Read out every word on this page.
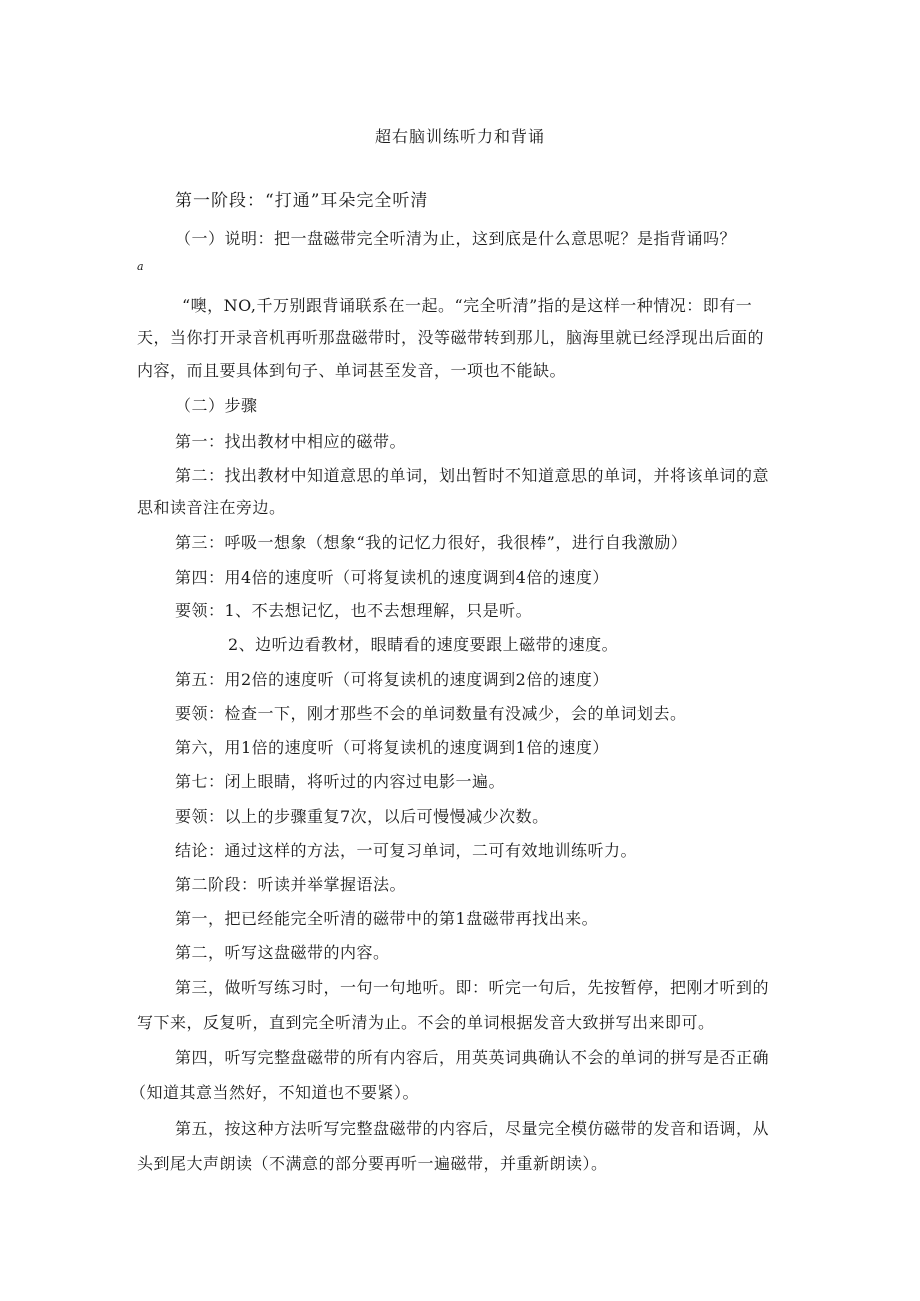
超右脑训练听力和背诵
第一阶段：“打通”耳朵完全听清
（一）说明：把一盘磁带完全听清为止，这到底是什么意思呢？是指背诵吗？
a
“噢，NO,千万别跟背诵联系在一起。“完全听清”指的是这样一种情况：即有一
天，当你打开录音机再听那盘磁带时，没等磁带转到那儿，脑海里就已经浮现出后面的
内容，而且要具体到句子、单词甚至发音，一项也不能缺。
（二）步骤
第一：找出教材中相应的磁带。
第二：找出教材中知道意思的单词，划出暂时不知道意思的单词，并将该单词的意
思和读音注在旁边。
第三：呼吸一想象（想象“我的记忆力很好，我很棒”，进行自我激励）
第四：用4倍的速度听（可将复读机的速度调到4倍的速度）
要领：1、不去想记忆，也不去想理解，只是听。
2、边听边看教材，眼睛看的速度要跟上磁带的速度。
第五：用2倍的速度听（可将复读机的速度调到2倍的速度）
要领：检查一下，刚才那些不会的单词数量有没减少，会的单词划去。
第六，用1倍的速度听（可将复读机的速度调到1倍的速度）
第七：闭上眼睛，将听过的内容过电影一遍。
要领：以上的步骤重复7次，以后可慢慢减少次数。
结论：通过这样的方法，一可复习单词，二可有效地训练听力。
第二阶段：听读并举掌握语法。
第一，把已经能完全听清的磁带中的第1盘磁带再找出来。
第二，听写这盘磁带的内容。
第三，做听写练习时，一句一句地听。即：听完一句后，先按暂停，把刚才听到的
写下来，反复听，直到完全听清为止。不会的单词根据发音大致拼写出来即可。
第四，听写完整盘磁带的所有内容后，用英英词典确认不会的单词的拼写是否正确
（知道其意当然好，不知道也不要紧）。
第五，按这种方法听写完整盘磁带的内容后，尽量完全模仿磁带的发音和语调，从
头到尾大声朗读（不满意的部分要再听一遍磁带，并重新朗读）。
